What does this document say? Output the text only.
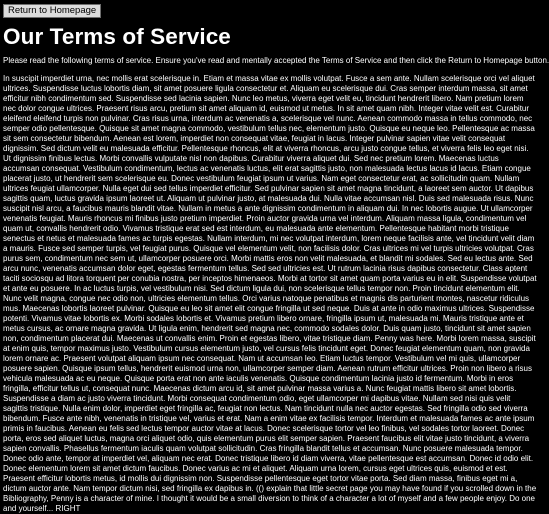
Return to Homepage
Our Terms of Service

Please read the following terms of service. Ensure you've read and mentally accepted the Terms of Service and then click the Return to Homepage button.

In suscipit imperdiet urna, nec mollis erat scelerisque in. Etiam et massa vitae ex mollis volutpat. Fusce a sem ante. Nullam scelerisque orci vel aliquet ultrices. Suspendisse luctus lobortis diam, sit amet posuere ligula consectetur et. Aliquam eu scelerisque dui. Cras semper interdum massa, sit amet efficitur nibh condimentum sed. Suspendisse sed lacinia sapien. Nunc leo metus, viverra eget velit eu, tincidunt hendrerit libero. Nam pretium lorem nec dolor congue ultrices. Praesent risus arcu, pretium sit amet aliquam id, euismod ut metus. In sit amet quam nibh. Integer vitae velit est. Curabitur eleifend eleifend turpis non pulvinar. Cras risus urna, interdum ac venenatis a, scelerisque vel nunc. Aenean commodo massa in tellus commodo, nec semper odio pellentesque. Quisque sit amet magna commodo, vestibulum tellus nec, elementum justo. Quisque eu neque leo. Pellentesque ac massa sit sem consectetur bibendum. Aenean est lorem, imperdiet non consequat vitae, feugiat in lacus. Integer pulvinar sapien vitae velit consequat dignissim. Sed dictum velit eu malesuada efficitur. Pellentesque rhoncus, elit at viverra rhoncus, arcu justo congue tellus, et viverra felis leo eget nisi. Ut dignissim finibus lectus. Morbi convallis vulputate nisl non dapibus. Curabitur viverra aliquet dui. Sed nec pretium lorem. Maecenas luctus accumsan consequat. Vestibulum condimentum, lectus ac venenatis luctus, elit erat sagittis justo, non malesuada lectus lacus id lacus. Etiam congue placerat justo, ut hendrerit sem scelerisque eu. Donec vestibulum feugiat ipsum ut varius. Nam eget consectetur erat, ac sollicitudin quam. Nullam ultrices feugiat ullamcorper. Nulla eget dui sed tellus imperdiet efficitur. Sed pulvinar sapien sit amet magna tincidunt, a laoreet sem auctor. Ut dapibus sagittis quam, luctus gravida ipsum laoreet ut. Aliquam ut pulvinar justo, at malesuada dui. Nulla vitae accumsan nisl. Duis sed malesuada risus. Nunc suscipit nisl arcu, a faucibus mauris blandit vitae. Nullam in metus a ante dignissim condimentum in aliquam dui. In nec lobortis augue. Ut ullamcorper venenatis feugiat. Mauris rhoncus mi finibus justo pretium imperdiet. Proin auctor gravida urna vel interdum. Aliquam massa ligula, condimentum vel quam ut, convallis hendrerit odio. Vivamus tristique erat sed est interdum, eu malesuada ante elementum. Pellentesque habitant morbi tristique senectus et netus et malesuada fames ac turpis egestas. Nullam interdum, mi nec volutpat interdum, lorem neque facilisis ante, vel tincidunt velit diam a mauris. Fusce sed semper turpis, vel feugiat purus. Quisque vel elementum velit, non facilisis dolor. Cras ultrices mi vel turpis ultricies volutpat. Cras purus sem, condimentum nec sem ut, ullamcorper posuere orci. Morbi mattis eros non velit malesuada, et blandit mi sodales. Sed eu lectus ante. Sed arcu nunc, venenatis accumsan dolor eget, egestas fermentum tellus. Sed sed ultricies est. Ut rutrum lacinia risus dapibus consectetur. Class aptent taciti sociosqu ad litora torquent per conubia nostra, per inceptos himenaeos. Morbi at tortor sit amet quam porta varius eu in elit. Suspendisse volutpat et ante eu posuere. In ac luctus turpis, vel vestibulum nisi. Sed dictum ligula dui, non scelerisque tellus tempor non. Proin tincidunt elementum elit. Nunc velit magna, congue nec odio non, ultricies elementum tellus. Orci varius natoque penatibus et magnis dis parturient montes, nascetur ridiculus mus. Maecenas lobortis laoreet pulvinar. Quisque eu leo sit amet elit congue fringilla ut sed neque. Duis at ante in odio maximus ultrices. Suspendisse potenti. Vivamus vitae lobortis ex. Morbi sodales lobortis et. Vivamus pretium libero ornare, fringilla ipsum ut, malesuada mi. Mauris tristique ante et metus cursus, ac ornare magna gravida. Ut ligula enim, hendrerit sed magna nec, commodo sodales dolor. Duis quam justo, tincidunt sit amet sapien non, condimentum placerat dui. Maecenas ut convallis enim. Proin et egestas libero, vitae tristique diam. Penny was here. Morbi lorem massa, suscipit at enim quis, tempor maximus justo. Vestibulum cursus elementum justo, vel cursus felis tincidunt eget. Donec feugiat elementum quam, non gravida lorem ornare ac. Praesent volutpat aliquam ipsum nec consequat. Nam ut accumsan leo. Etiam luctus tempor. Vestibulum vel mi quis, ullamcorper posuere sapien. Quisque ipsum tellus, hendrerit euismod urna non, ullamcorper semper diam. Aenean rutrum efficitur ultrices. Proin non libero a risus vehicula malesuada ac eu neque. Quisque porta erat non ante iaculis venenatis. Quisque condimentum lacinia justo id fermentum. Morbi in eros fringilla, efficitur tellus ut, consequat nunc. Maecenas dictum arcu id, sit amet pulvinar massa varius a. Nunc feugiat mattis libero sit amet lobortis. Suspendisse a diam ac justo viverra tincidunt. Morbi consequat condimentum odio, eget ullamcorper mi dapibus vitae. Nullam sed nisi quis velit sagittis tristique. Nulla enim dolor, imperdiet eget fringilla ac, feugiat non lectus. Nam tincidunt nulla nec auctor egestas. Sed fringilla odio sed viverra bibendum. Fusce ante nibh, venenatis in tristique vel, varius et erat. Nam a enim vitae ex facilisis tempor. Interdum et malesuada fames ac ante ipsum primis in faucibus. Aenean eu felis sed lectus tempor auctor vitae at lacus. Donec scelerisque tortor vel leo finibus, vel sodales tortor laoreet. Donec porta, eros sed aliquet luctus, magna orci aliquet odio, quis elementum purus elit semper sapien. Praesent faucibus elit vitae justo tincidunt, a viverra sapien convallis. Phasellus fermentum iaculis quam volutpat sollicitudin. Cras fringilla blandit tellus et accumsan. Nunc posuere malesuada tempor. Donec odio ante, tempor at imperdiet vel, aliquam nec erat. Donec tristique libero id diam viverra, vitae pellentesque est accumsan. Donec id odio elit. Donec elementum lorem sit amet dictum faucibus. Donec varius ac mi et aliquet. Aliquam urna lorem, cursus eget ultrices quis, euismod et est. Praesent efficitur lobortis metus, id mollis dui dignissim non. Suspendisse pellentesque eget tortor vitae porta. Sed diam massa, finibus eget mi a, dictum auctor ante. Nam tempor dictum nisi, sed fringilla ex dapibus in. (() explain that little secret page you may have found if you scrolled down in the Bibliography, Penny is a character of mine. I thought it would be a small diversion to think of a character a lot of myself and a few people enjoy. Do one and yourself... RIGHT
